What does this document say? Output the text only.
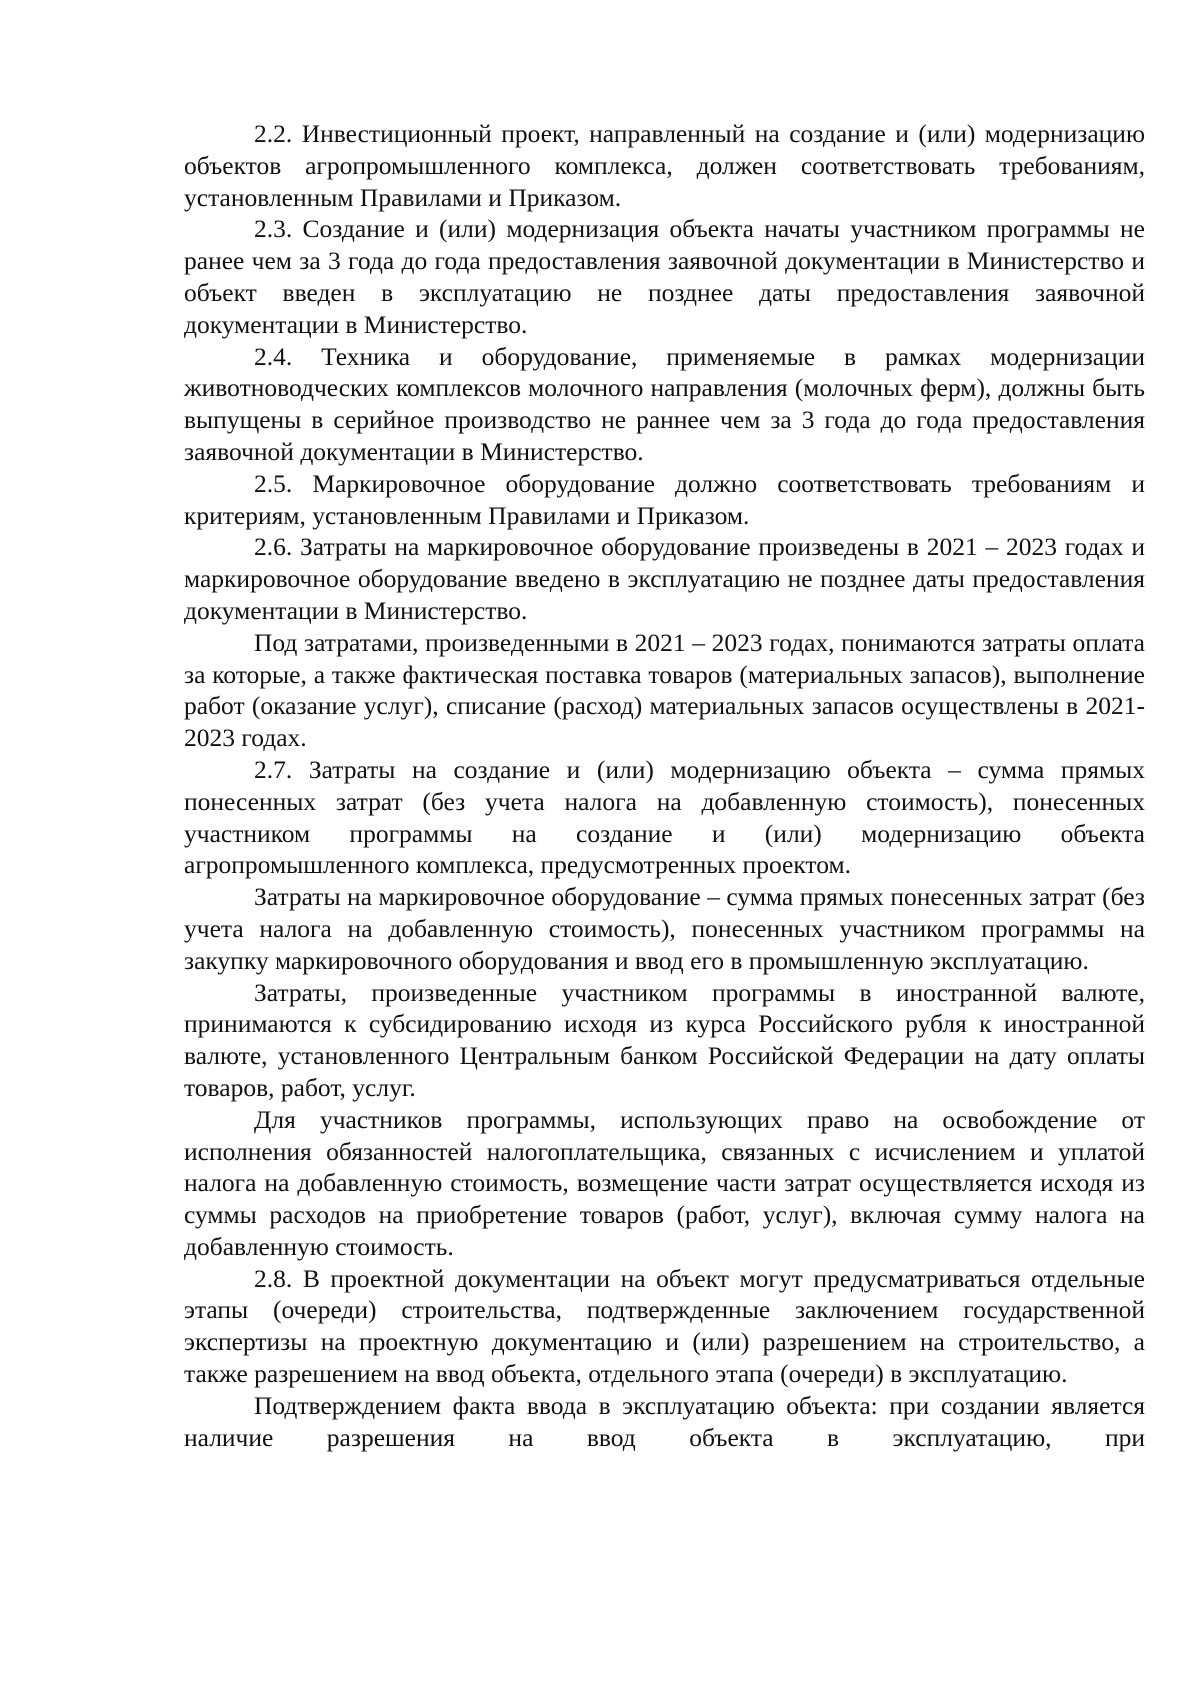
2.2. Инвестиционный проект, направленный на создание и (или) модернизацию объектов агропромышленного комплекса, должен соответствовать требованиям, установленным Правилами и Приказом.

2.3. Создание и (или) модернизация объекта начаты участником программы не ранее чем за 3 года до года предоставления заявочной документации в Министерство и объект введен в эксплуатацию не позднее даты предоставления заявочной документации в Министерство.

2.4. Техника и оборудование, применяемые в рамках модернизации животноводческих комплексов молочного направления (молочных ферм), должны быть выпущены в серийное производство не раннее чем за 3 года до года предоставления заявочной документации в Министерство.

2.5. Маркировочное оборудование должно соответствовать требованиям и критериям, установленным Правилами и Приказом.

2.6. Затраты на маркировочное оборудование произведены в 2021 – 2023 годах и маркировочное оборудование введено в эксплуатацию не позднее даты предоставления документации в Министерство.

Под затратами, произведенными в 2021 – 2023 годах, понимаются затраты оплата за которые, а также фактическая поставка товаров (материальных запасов), выполнение работ (оказание услуг), списание (расход) материальных запасов осуществлены в 2021-2023 годах.

2.7. Затраты на создание и (или) модернизацию объекта – сумма прямых понесенных затрат (без учета налога на добавленную стоимость), понесенных участником программы на создание и (или) модернизацию объекта агропромышленного комплекса, предусмотренных проектом.

Затраты на маркировочное оборудование – сумма прямых понесенных затрат (без учета налога на добавленную стоимость), понесенных участником программы на закупку маркировочного оборудования и ввод его в промышленную эксплуатацию.

Затраты, произведенные участником программы в иностранной валюте, принимаются к субсидированию исходя из курса Российского рубля к иностранной валюте, установленного Центральным банком Российской Федерации на дату оплаты товаров, работ, услуг.

Для участников программы, использующих право на освобождение от исполнения обязанностей налогоплательщика, связанных с исчислением и уплатой налога на добавленную стоимость, возмещение части затрат осуществляется исходя из суммы расходов на приобретение товаров (работ, услуг), включая сумму налога на добавленную стоимость.

2.8. В проектной документации на объект могут предусматриваться отдельные этапы (очереди) строительства, подтвержденные заключением государственной экспертизы на проектную документацию и (или) разрешением на строительство, а также разрешением на ввод объекта, отдельного этапа (очереди) в эксплуатацию.

Подтверждением факта ввода в эксплуатацию объекта: при создании является наличие разрешения на ввод объекта в эксплуатацию, при
